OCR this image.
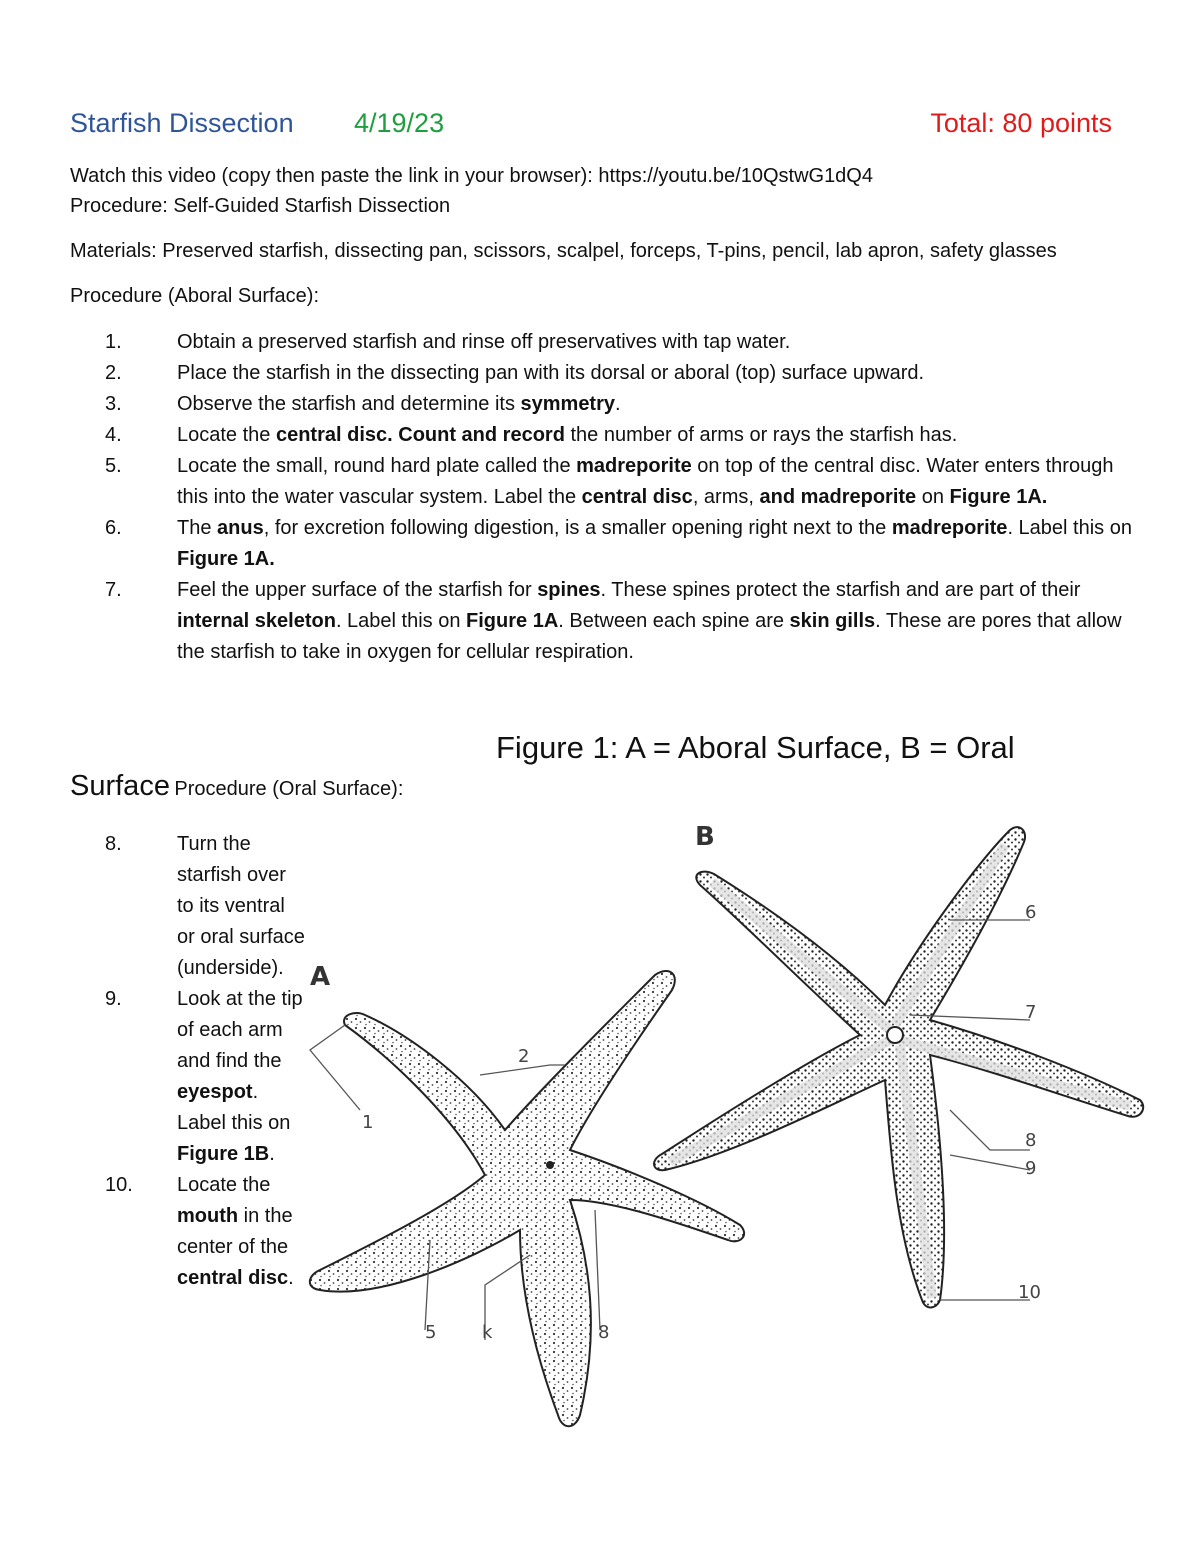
Starfish Dissection 4/19/23	Total: 80 points
Watch this video (copy then paste the link in your browser): https://youtu.be/10QstwG1dQ4
Procedure: Self-Guided Starfish Dissection
Materials: Preserved starfish, dissecting pan, scissors, scalpel, forceps, T-pins, pencil, lab apron, safety glasses
Procedure (Aboral Surface):
1.	Obtain a preserved starfish and rinse off preservatives with tap water.
2.	Place the starfish in the dissecting pan with its dorsal or aboral (top) surface upward.
3.	Observe the starfish and determine its symmetry.
4.	Locate the central disc. Count and record the number of arms or rays the starfish has.
5.	Locate the small, round hard plate called the madreporite on top of the central disc. Water enters through this into the water vascular system. Label the central disc, arms, and madreporite on Figure 1A.
6.	The anus, for excretion following digestion, is a smaller opening right next to the madreporite. Label this on Figure 1A.
7.	Feel the upper surface of the starfish for spines. These spines protect the starfish and are part of their internal skeleton. Label this on Figure 1A. Between each spine are skin gills. These are pores that allow the starfish to take in oxygen for cellular respiration.
Figure 1: A = Aboral Surface, B = Oral
Surface Procedure (Oral Surface):
8.	Turn the starfish over to its ventral or oral surface (underside).
9.	Look at the tip of each arm and find the eyespot. Label this on Figure 1B.
10. Locate the mouth in the center of the central disc.
A
B
1
2
5	k	8
6
7
8
9
10
